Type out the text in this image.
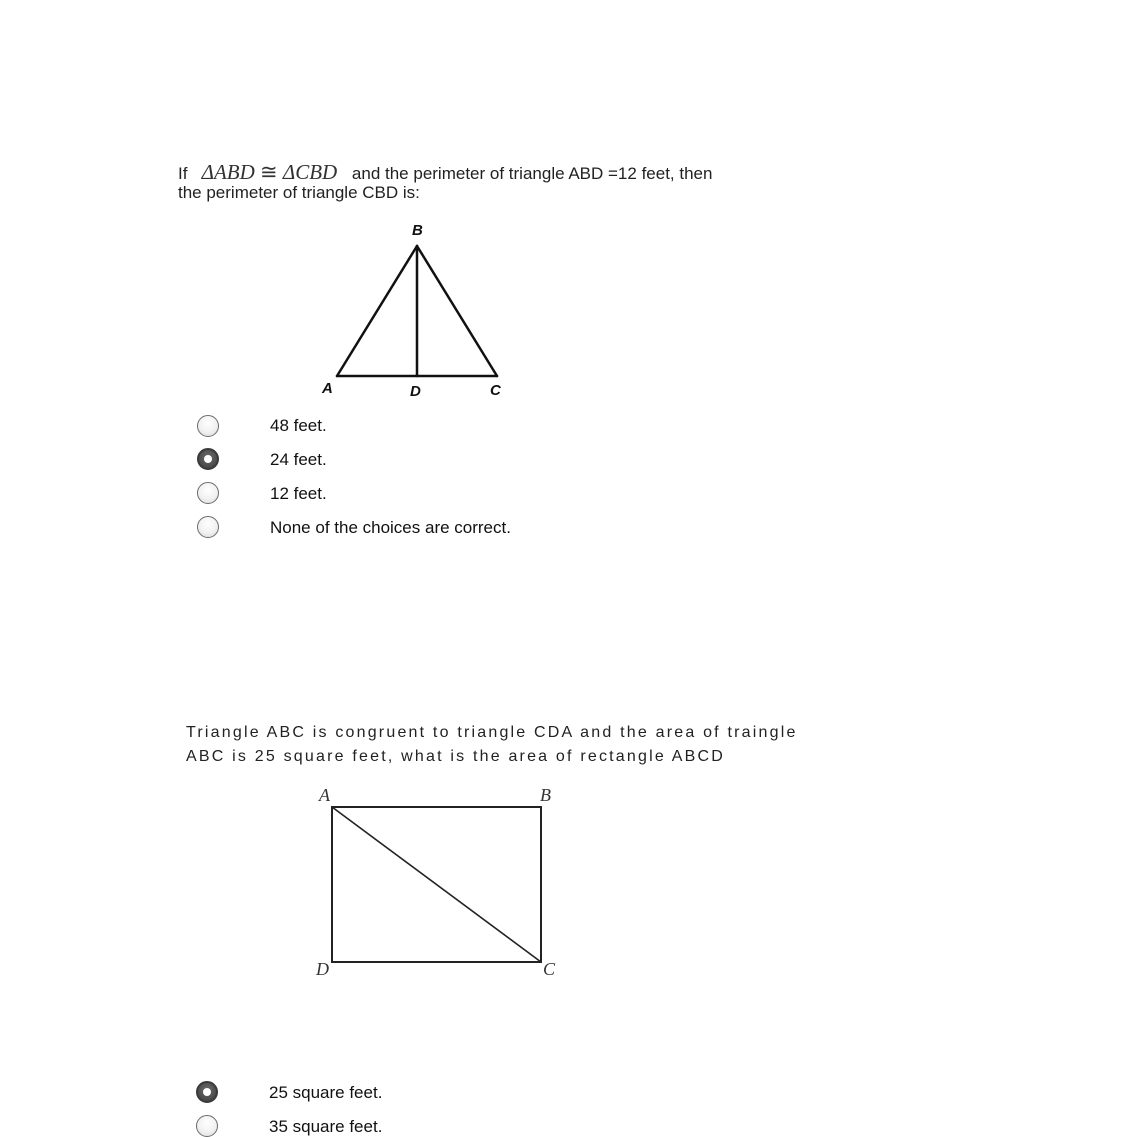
If ΔABD ≅ ΔCBD and the perimeter of triangle ABD =12 feet, then
the perimeter of triangle CBD is:
B
A	D	C
48 feet.
24 feet.
12 feet.
None of the choices are correct.
Triangle ABC is congruent to triangle CDA and the area of traingle
ABC is 25 square feet, what is the area of rectangle ABCD
A	B
D	C
25 square feet.
35 square feet.
